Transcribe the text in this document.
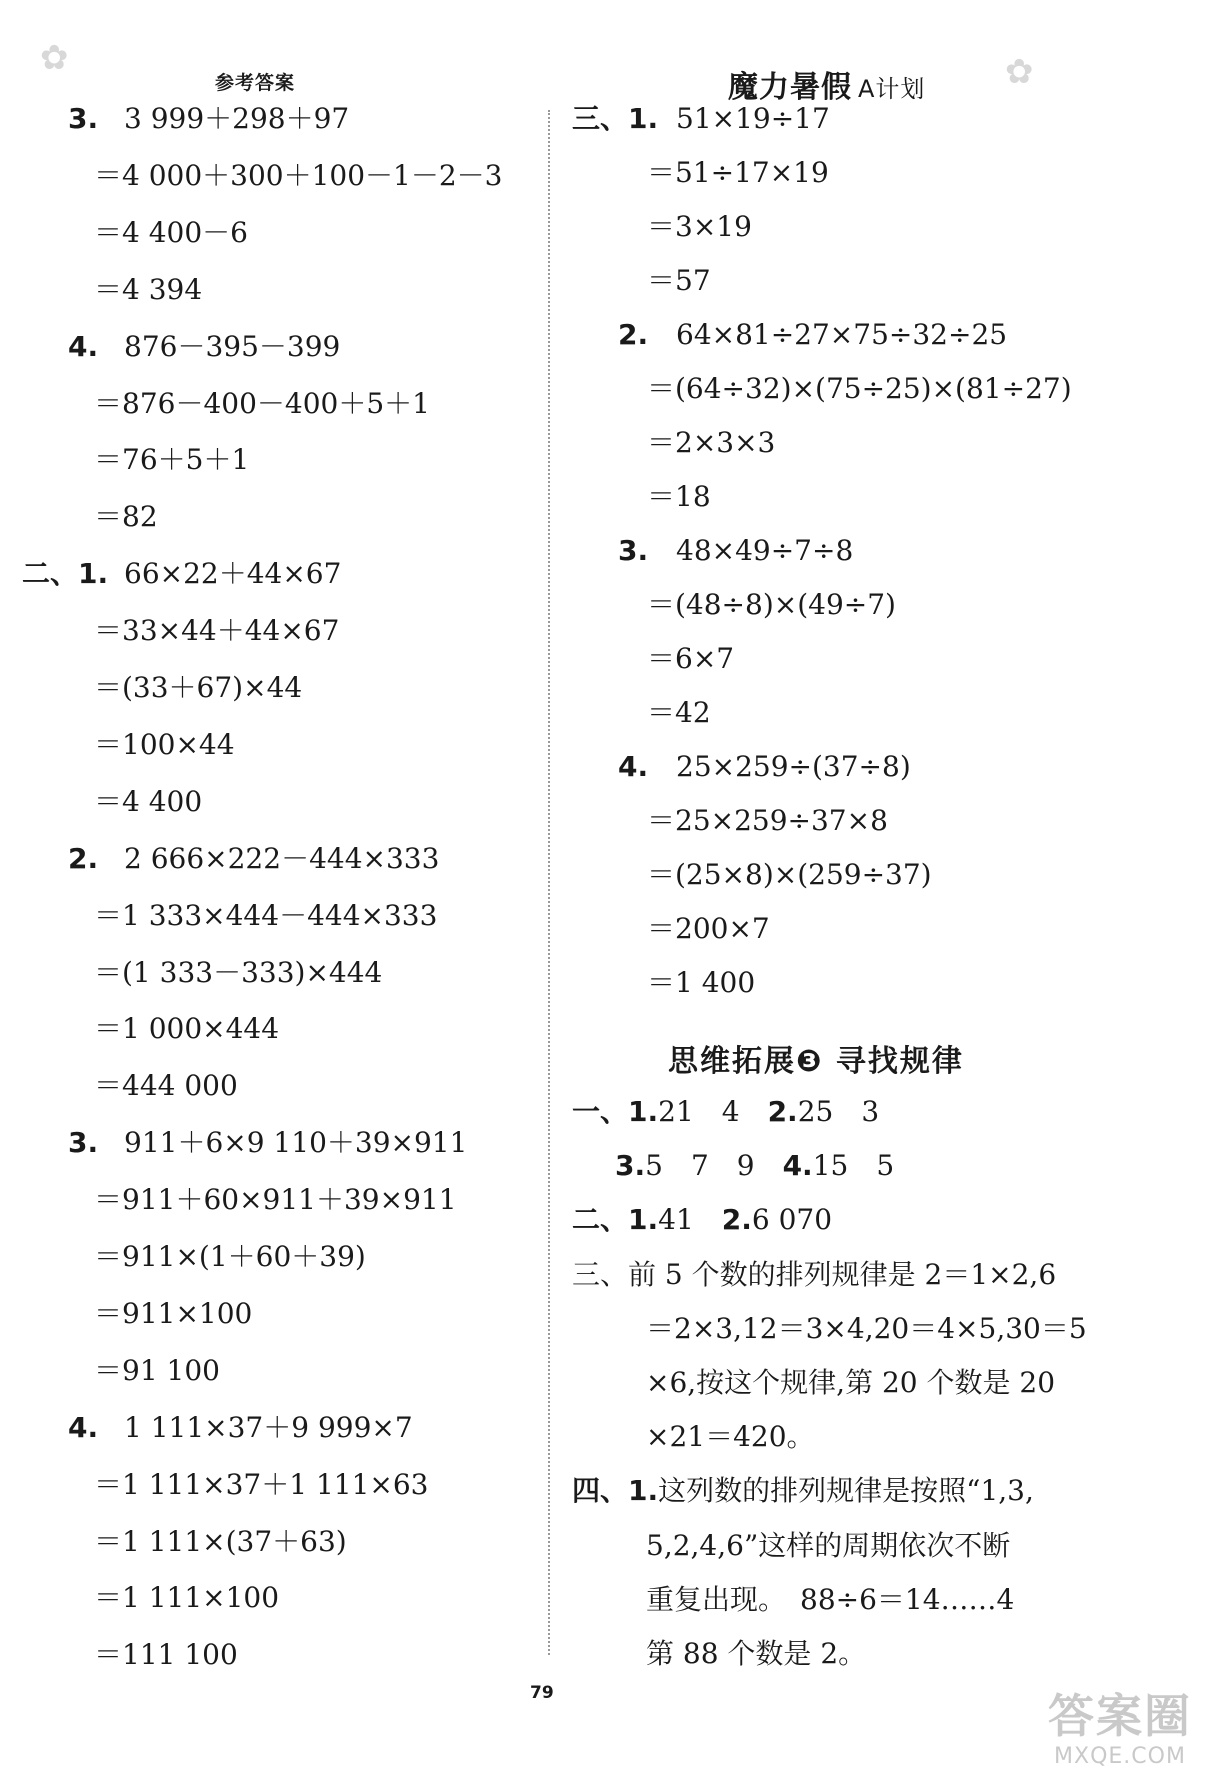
✿	✿
参考答案	魔力暑假 A计划
3. 3 999＋298＋97
＝4 000＋300＋100－1－2－3
＝4 400－6
＝4 394
4. 876－395－399
＝876－400－400＋5＋1
＝76＋5＋1
＝82
二、1. 66×22＋44×67
＝33×44＋44×67
＝(33＋67)×44
＝100×44
＝4 400
2. 2 666×222－444×333
＝1 333×444－444×333
＝(1 333－333)×444
＝1 000×444
＝444 000
3. 911＋6×9 110＋39×911
＝911＋60×911＋39×911
＝911×(1＋60＋39)
＝911×100
＝91 100
4. 1 111×37＋9 999×7
＝1 111×37＋1 111×63
＝1 111×(37＋63)
＝1 111×100
＝111 100
三、1. 51×19÷17
＝51÷17×19
＝3×19
＝57
2. 64×81÷27×75÷32÷25
＝(64÷32)×(75÷25)×(81÷27)
＝2×3×3
＝18
3. 48×49÷7÷8
＝(48÷8)×(49÷7)
＝6×7
＝42
4. 25×259÷(37÷8)
＝25×259÷37×8
＝(25×8)×(259÷37)
＝200×7
＝1 400
思维拓展❸ 寻找规律
一、1.21　4　2.25　3
3.5　7　9　4.15　5
二、1.41　2.6 070
三、前 5 个数的排列规律是 2＝1×2,6
＝2×3,12＝3×4,20＝4×5,30＝5
×6,按这个规律,第 20 个数是 20
×21＝420。
四、1.这列数的排列规律是按照“1,3,
5,2,4,6”这样的周期依次不断
重复出现。　88÷6＝14……4
第 88 个数是 2。
79	答案圈
MXQE.COM
